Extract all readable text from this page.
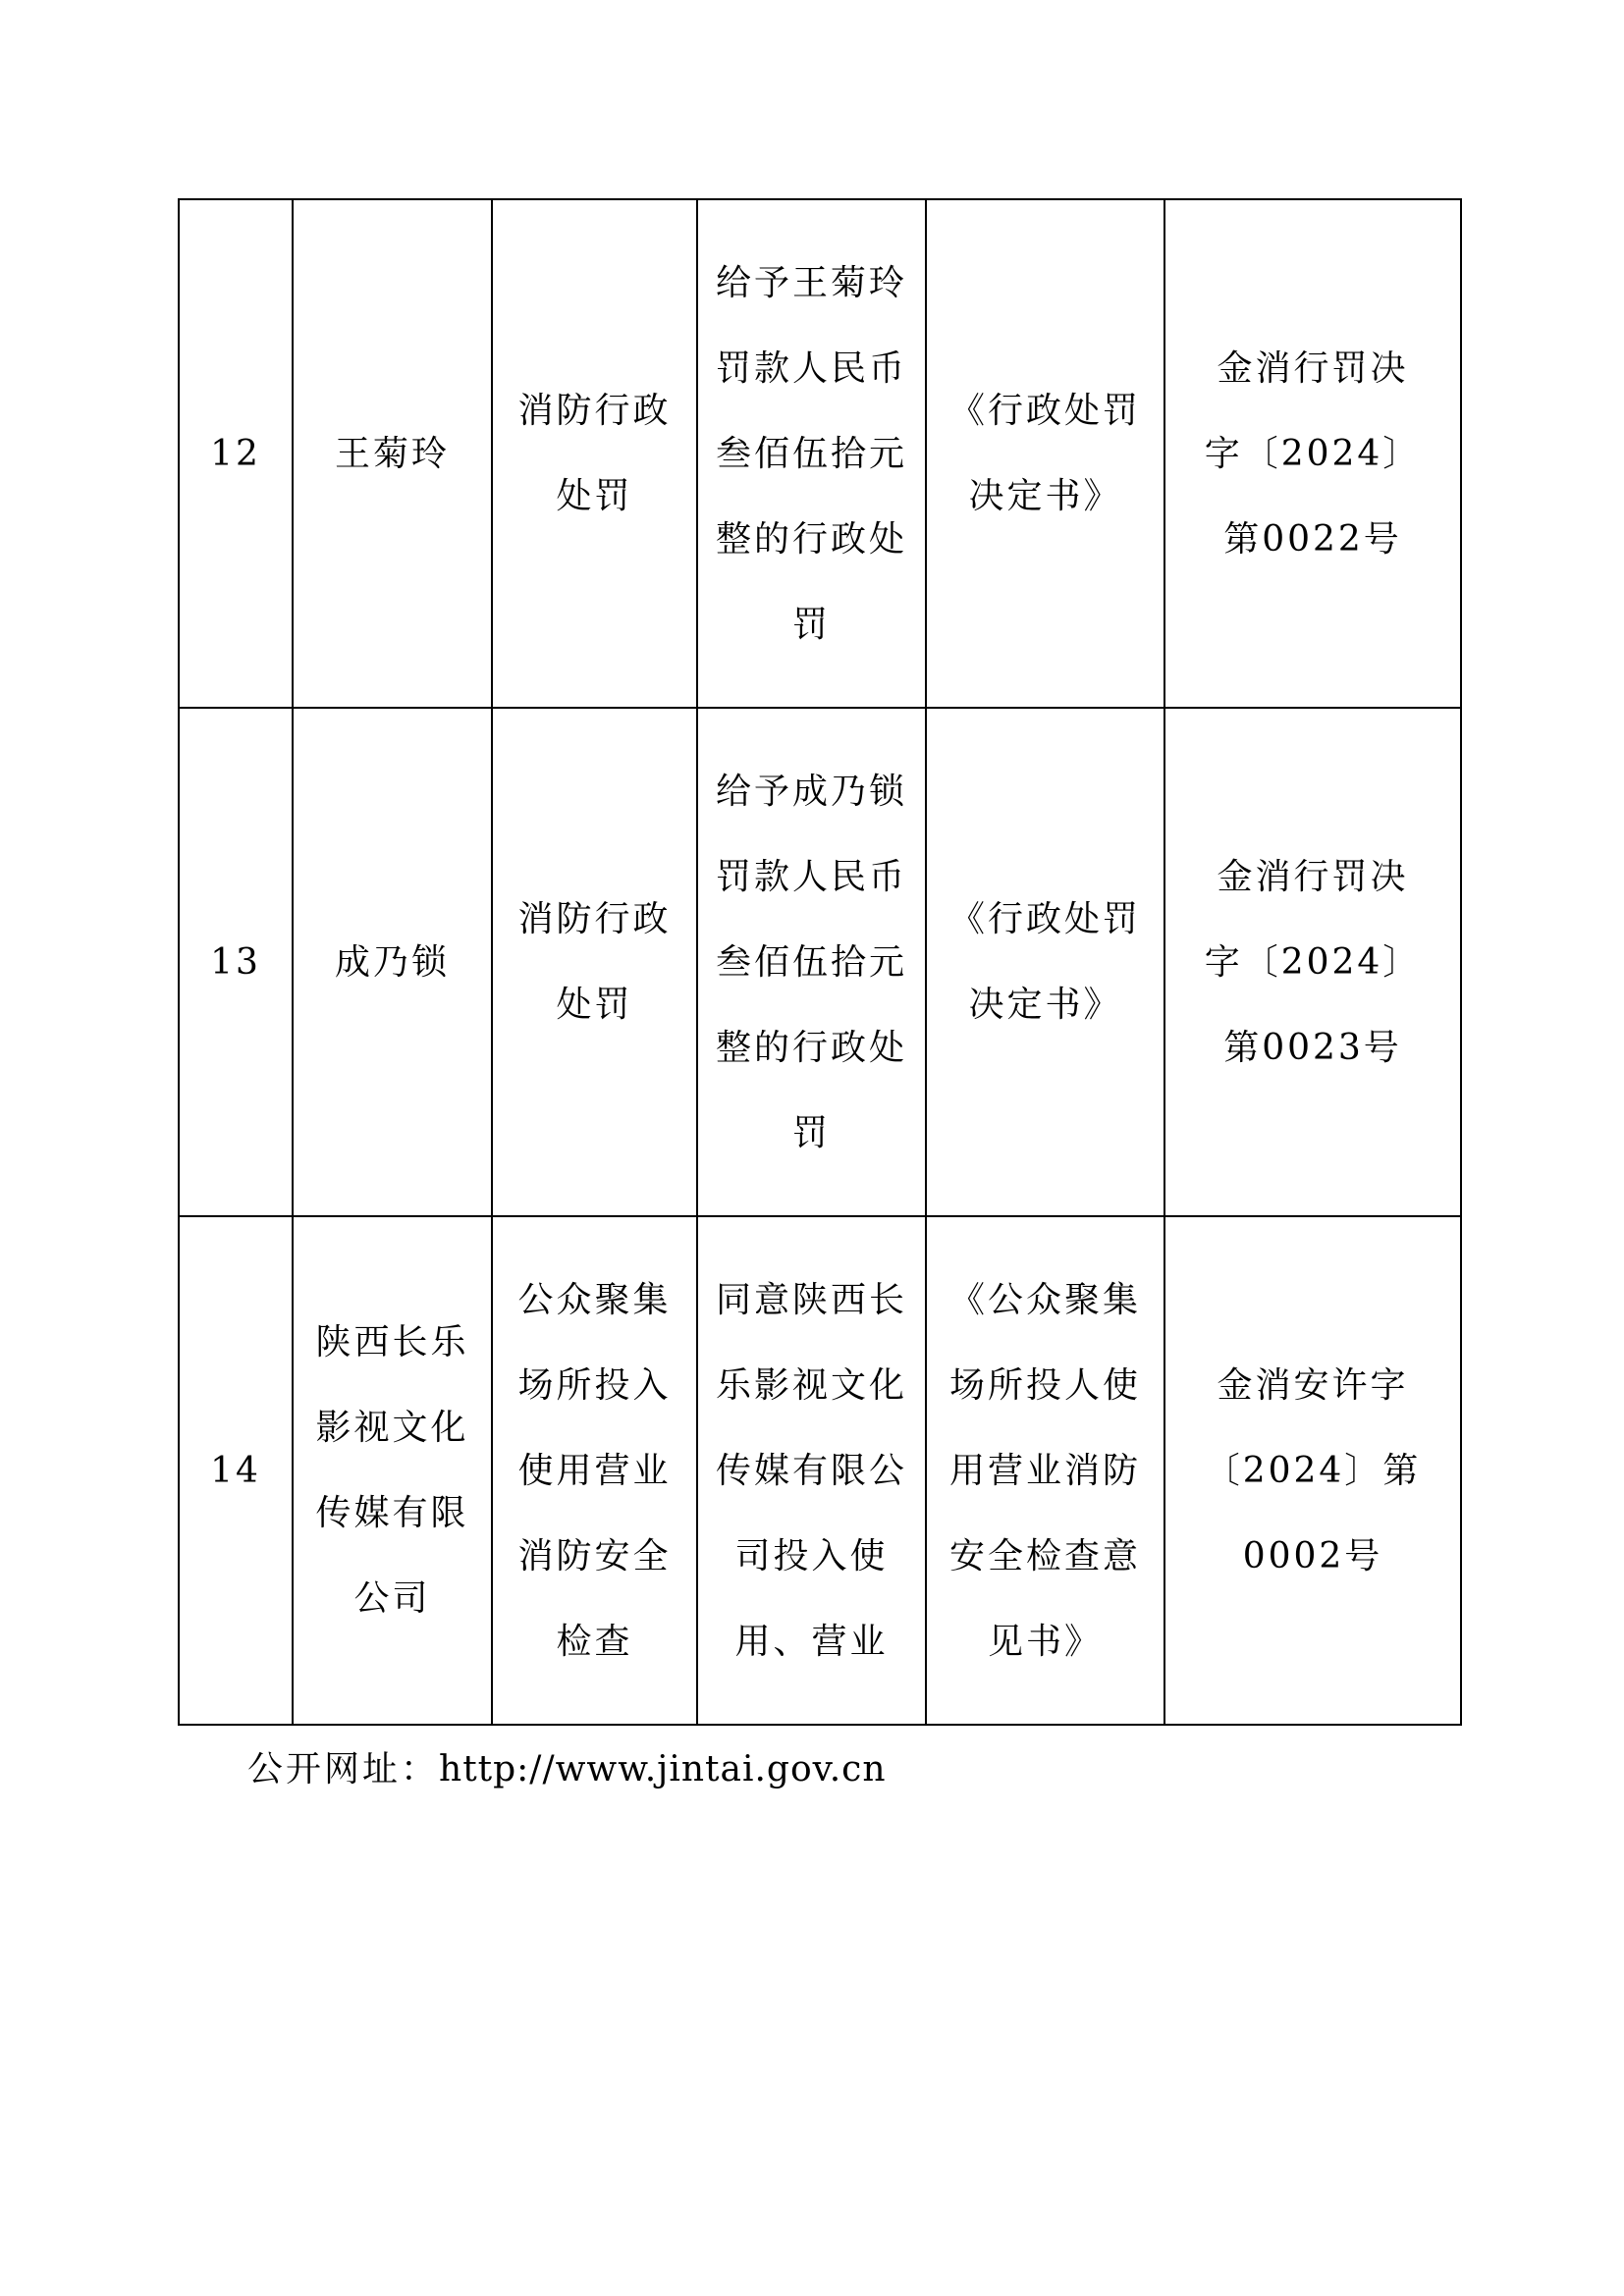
12	王菊玲	消防行政处罚	给予王菊玲罚款人民币叁佰伍拾元整的行政处罚	《行政处罚决定书》	金消行罚决字〔2024〕第0022号

13	成乃锁	消防行政处罚	给予成乃锁罚款人民币叁佰伍拾元整的行政处罚	《行政处罚决定书》	金消行罚决字〔2024〕第0023号

14	陕西长乐影视文化传媒有限公司	公众聚集场所投入使用营业消防安全检查	同意陕西长乐影视文化传媒有限公司投入使用、营业	《公众聚集场所投人使用营业消防安全检查意见书》	金消安许字〔2024〕第0002号
公开网址：http://www.jintai.gov.cn
